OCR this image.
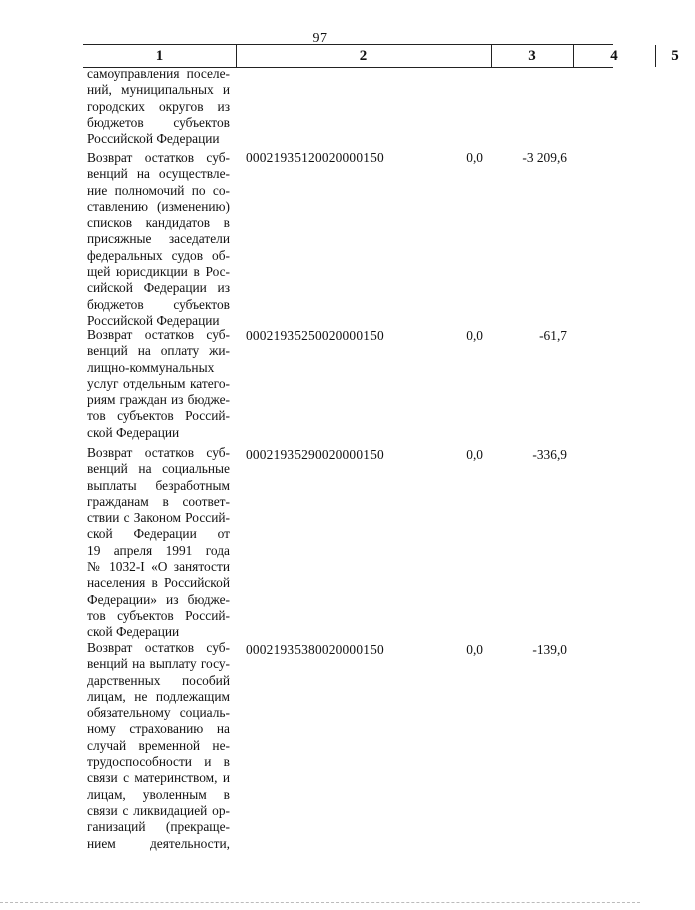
97
1	2	3	4	5
самоуправления поселе-
ний, муниципальных и
городских округов из
бюджетов субъектов
Российской Федерации
Возврат остатков суб-
венций на осуществле-
ние полномочий по со-
ставлению (изменению)
списков кандидатов в
присяжные заседатели
федеральных судов об-
щей юрисдикции в Рос-
сийской Федерации из
бюджетов субъектов
Российской Федерации
00021935120020000150	0,0	-3 209,6
Возврат остатков суб-
венций на оплату жи-
лищно-коммунальных
услуг отдельным катего-
риям граждан из бюдже-
тов субъектов Россий-
ской Федерации
00021935250020000150	0,0	-61,7
Возврат остатков суб-
венций на социальные
выплаты безработным
гражданам в соответ-
ствии с Законом Россий-
ской Федерации от
19 апреля 1991 года
№ 1032-I «О занятости
населения в Российской
Федерации» из бюдже-
тов субъектов Россий-
ской Федерации
00021935290020000150	0,0	-336,9
Возврат остатков суб-
венций на выплату госу-
дарственных пособий
лицам, не подлежащим
обязательному социаль-
ному страхованию на
случай временной не-
трудоспособности и в
связи с материнством, и
лицам, уволенным в
связи с ликвидацией ор-
ганизаций (прекраще-
нием деятельности,
00021935380020000150	0,0	-139,0
